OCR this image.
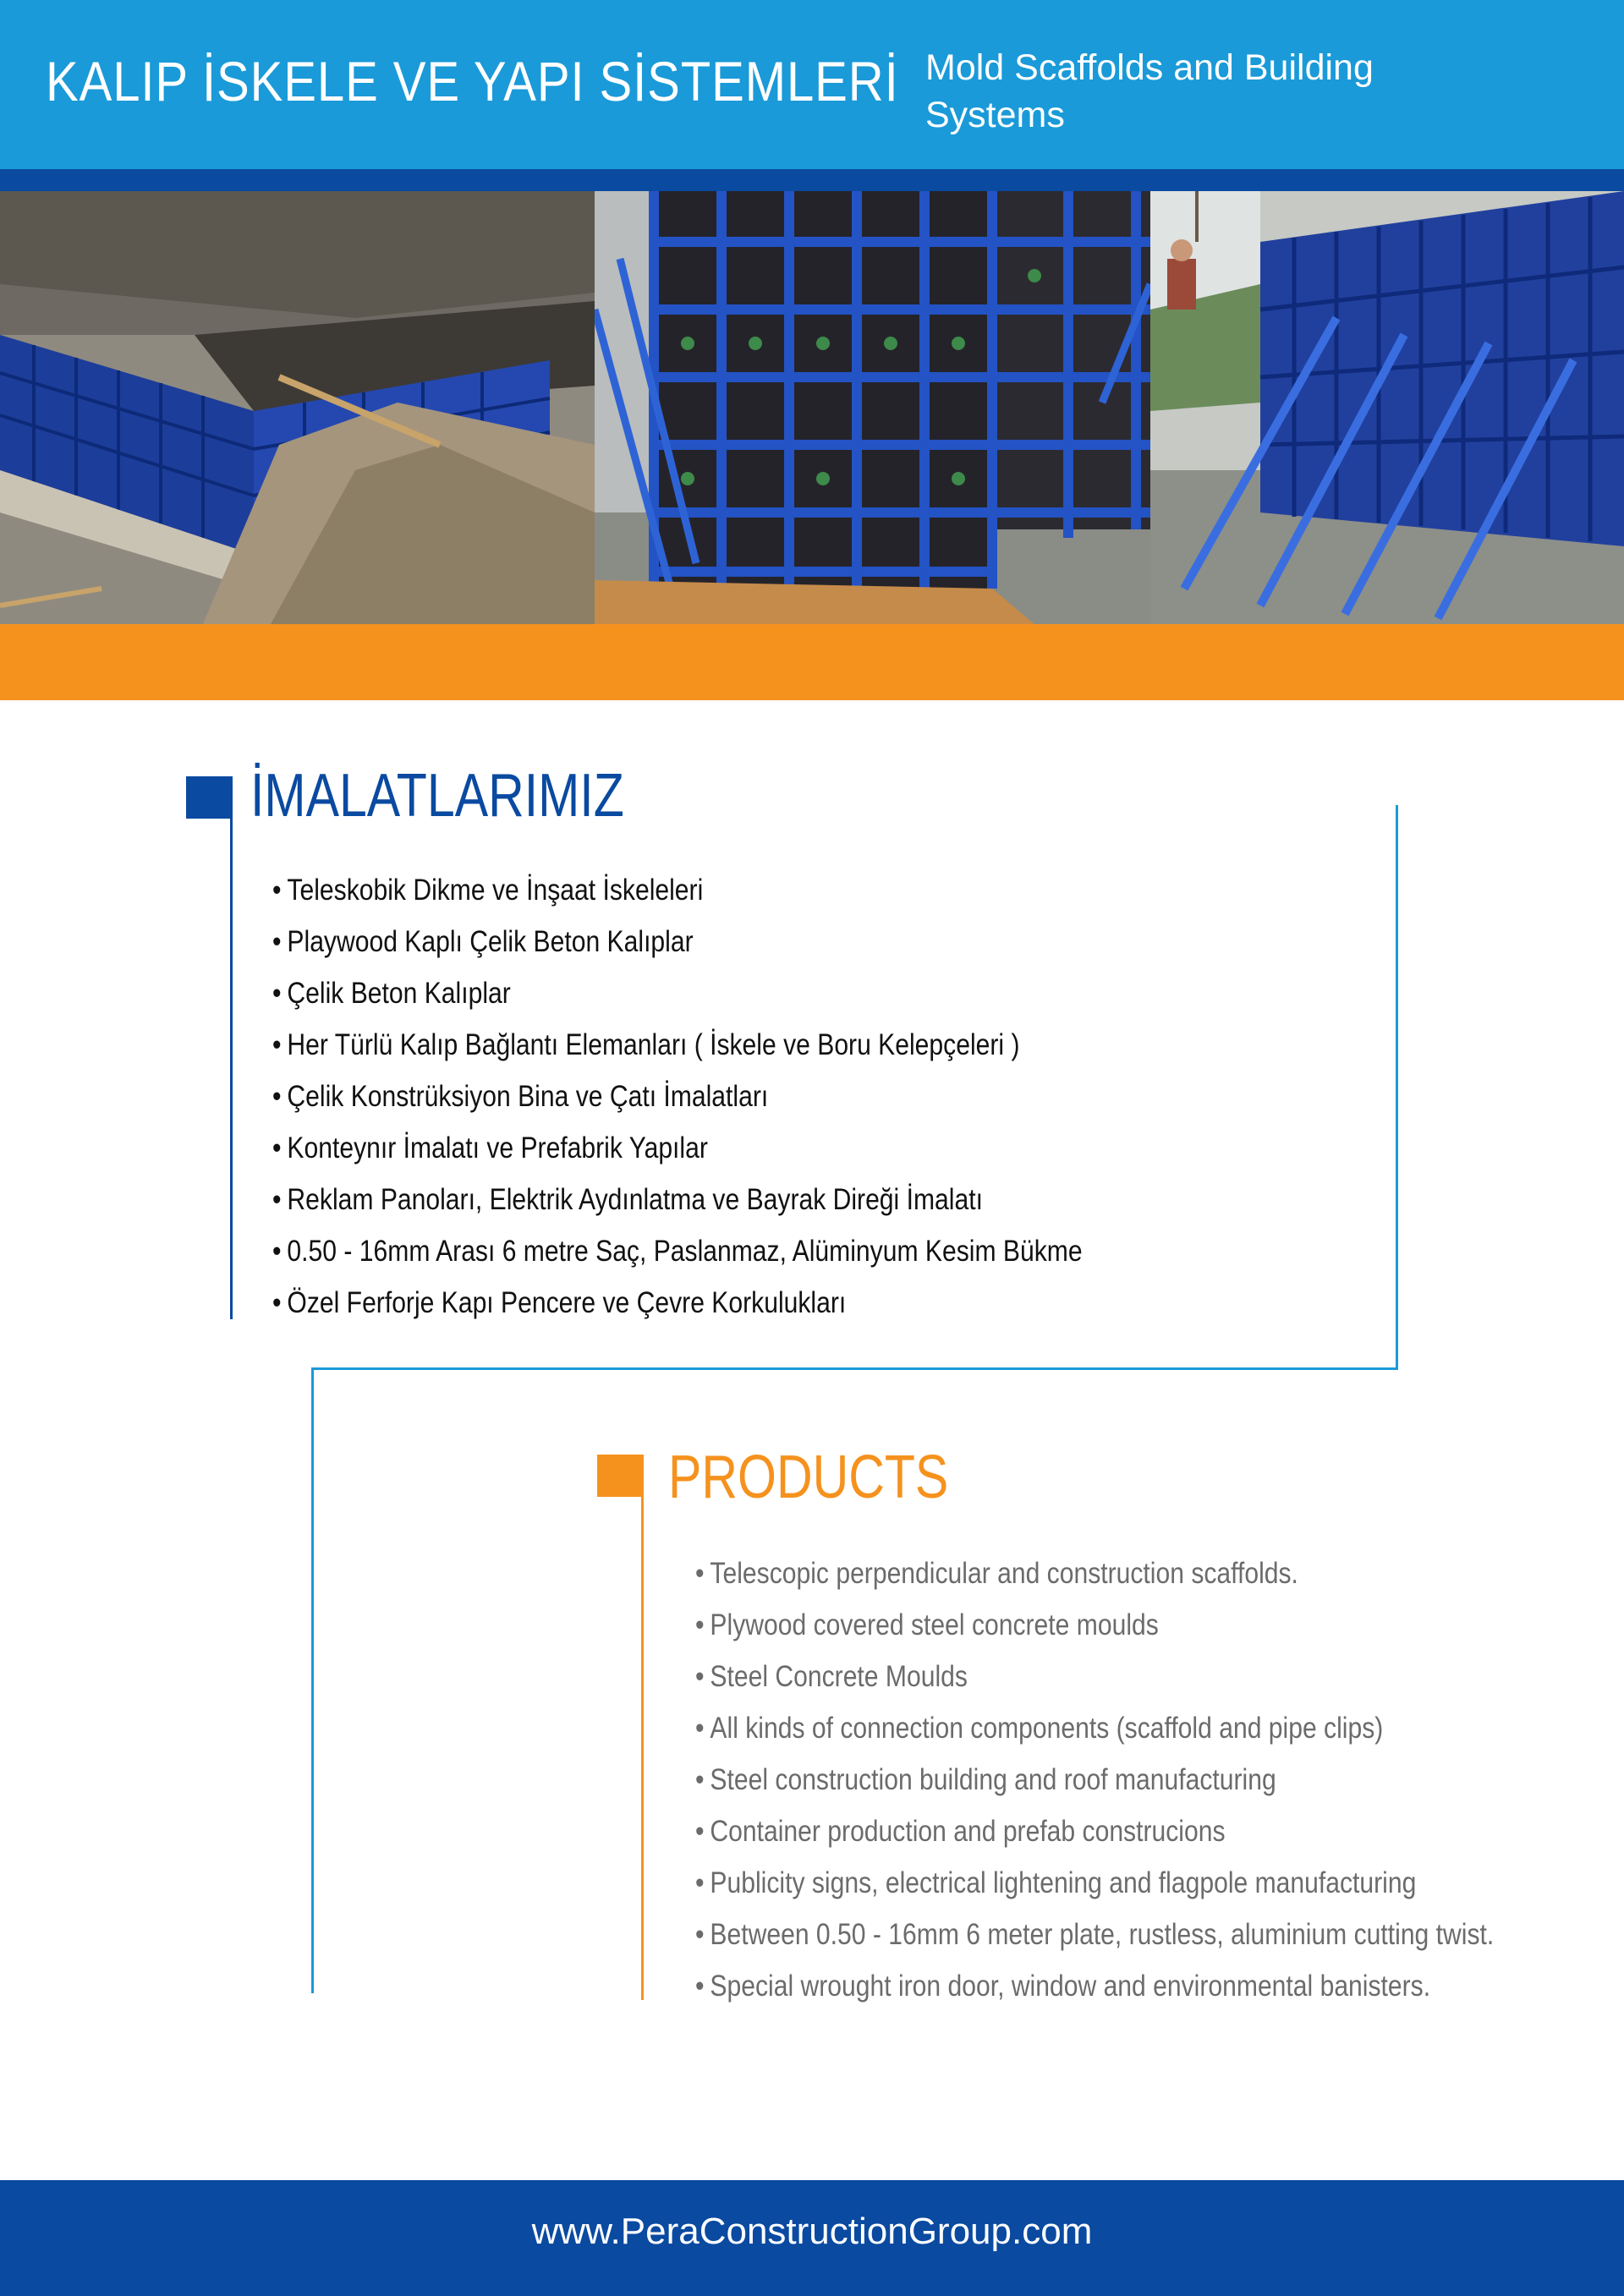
KALIP İSKELE VE YAPI SİSTEMLERİ Mold Scaffolds and Building Systems
İMALATLARIMIZ
• Teleskobik Dikme ve İnşaat İskeleleri
• Playwood Kaplı Çelik Beton Kalıplar
• Çelik Beton Kalıplar
• Her Türlü Kalıp Bağlantı Elemanları ( İskele ve Boru Kelepçeleri )
• Çelik Konstrüksiyon Bina ve Çatı İmalatları
• Konteynır İmalatı ve Prefabrik Yapılar
• Reklam Panoları, Elektrik Aydınlatma ve Bayrak Direği İmalatı
• 0.50 - 16mm Arası 6 metre Saç, Paslanmaz, Alüminyum Kesim Bükme
• Özel Ferforje Kapı Pencere ve Çevre Korkulukları
PRODUCTS
• Telescopic perpendicular and construction scaffolds.
• Plywood covered steel concrete moulds
• Steel Concrete Moulds
• All kinds of connection components (scaffold and pipe clips)
• Steel construction building and roof manufacturing
• Container production and prefab construcions
• Publicity signs, electrical lightening and flagpole manufacturing
• Between 0.50 - 16mm 6 meter plate, rustless, aluminium cutting twist.
• Special wrought iron door, window and environmental banisters.
www.PeraConstructionGroup.com
